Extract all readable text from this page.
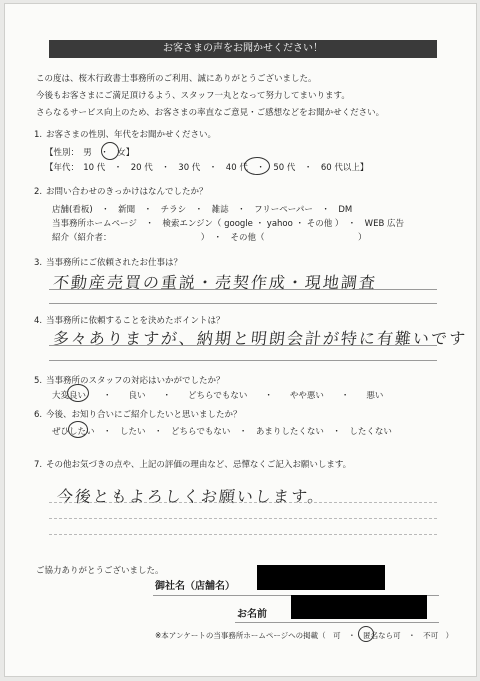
お客さまの声をお聞かせください！
この度は、桜木行政書士事務所のご利用、誠にありがとうございました。
今後もお客さまにご満足頂けるよう、スタッフ一丸となって努力してまいります。
さらなるサービス向上のため、お客さまの率直なご意見・ご感想などをお聞かせください。
1. お客さまの性別、年代をお聞かせください。
【性別：　男　・　女】
【年代：　10 代　・　20 代　・　30 代　・　40 代　・　50 代　・　60 代以上】
2. お問い合わせのきっかけはなんでしたか？
店舗(看板)　・　新聞　・　チラシ　・　雑誌　・　フリーペーパー　・　DM
当事務所ホームページ　・　検索エンジン（ google ・ yahoo ・ その他 ）　・　WEB 広告
紹介（紹介者：　　　　　　　　　　　）　・　その他（　　　　　　　　　　　）
3. 当事務所にご依頼されたお仕事は？
不動産売買の重説・売契作成・現地調査
4. 当事務所に依頼することを決めたポイントは？
多々ありますが、納期と明朗会計が特に有難いです
5. 当事務所のスタッフの対応はいかがでしたか？
大変良い　　・　　良い　　・　　どちらでもない　　・　　やや悪い　　・　　悪い
6. 今後、お知り合いにご紹介したいと思いましたか？
ぜひしたい　・　したい　・　どちらでもない　・　あまりしたくない　・　したくない
7. その他お気づきの点や、上記の評価の理由など、忌憚なくご記入お願いします。
今後ともよろしくお願いします。
ご協力ありがとうございました。
御社名（店舗名）
お名前
※本アンケートの当事務所ホームページへの掲載（　可　・　匿名なら可　・　不可　）
